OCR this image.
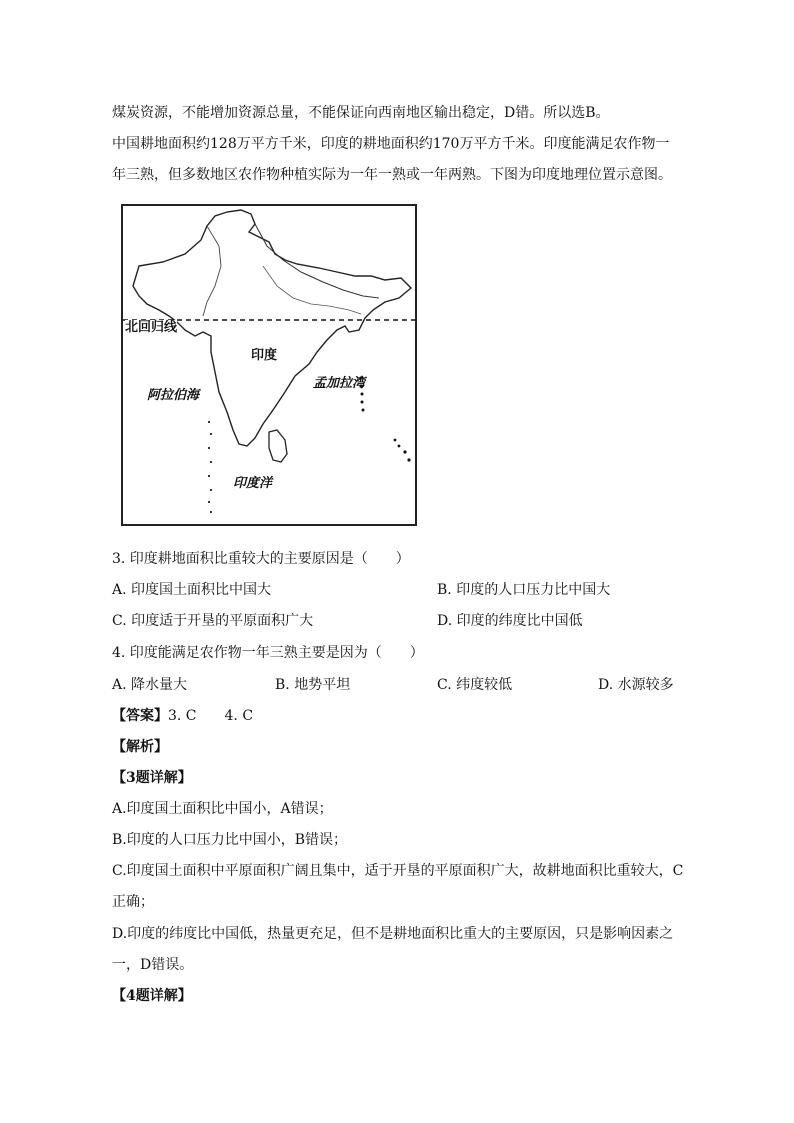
煤炭资源，不能增加资源总量，不能保证向西南地区输出稳定，D错。所以选B。
中国耕地面积约128万平方千米，印度的耕地面积约170万平方千米。印度能满足农作物一
年三熟，但多数地区农作物种植实际为一年一熟或一年两熟。下图为印度地理位置示意图。
北回归线
印度
阿拉伯海
孟加拉湾
印度洋
3. 印度耕地面积比重较大的主要原因是（　　）
A. 印度国土面积比中国大	B. 印度的人口压力比中国大
C. 印度适于开垦的平原面积广大	D. 印度的纬度比中国低
4. 印度能满足农作物一年三熟主要是因为（　　）
A. 降水量大	B. 地势平坦	C. 纬度较低	D. 水源较多
【答案】3. C　　4. C
【解析】
【3题详解】
A.印度国土面积比中国小，A错误；
B.印度的人口压力比中国小，B错误；
C.印度国土面积中平原面积广阔且集中，适于开垦的平原面积广大，故耕地面积比重较大，C
正确；
D.印度的纬度比中国低，热量更充足，但不是耕地面积比重大的主要原因，只是影响因素之
一，D错误。
【4题详解】
